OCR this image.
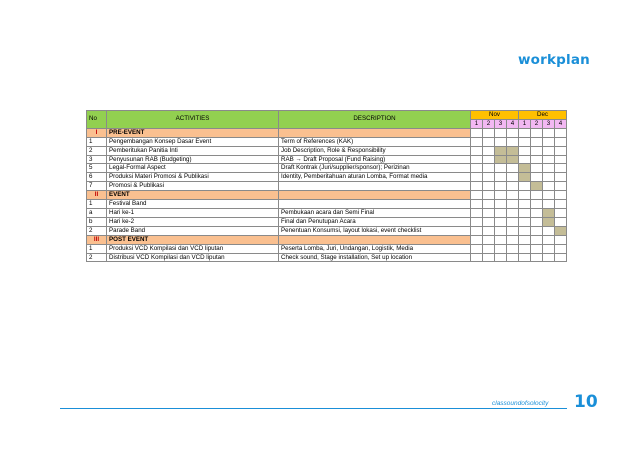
workplan
No	ACTIVITIES	DESCRIPTION	Nov				Dec			
			1	2	3	4	1	2	3	4
I	PRE-EVENT									
1	Pengembangan Konsep Dasar Event	Term of References (KAK)								
2	Pemberitukan Panitia Inti	Job Description, Role & Responsibility								
3	Penyusunan RAB (Budgeting)	RAB → Draft Proposal (Fund Raising)								
5	Legal-Formal Aspect	Draft Kontrak (Juri/supplier/sponsor); Perizinan								
6	Produksi Materi Promosi & Publikasi	Identity, Pemberitahuan aturan Lomba, Format media								
7	Promosi & Publikasi									
II	EVENT									
1	Festival Band									
a	Hari ke-1	Pembukaan acara dan Semi Final								
b	Hari ke-2	Final dan Penutupan Acara								
2	Parade Band	Penentuan Konsumsi, layout lokasi, event checklist								
III	POST EVENT									
1	Produksi VCD Kompilasi dan VCD liputan	Peserta Lomba, Juri, Undangan, Logistik, Media								
2	Distribusi VCD Kompilasi dan VCD liputan	Check sound, Stage installation, Set up location								
classoundofsolocity 10
